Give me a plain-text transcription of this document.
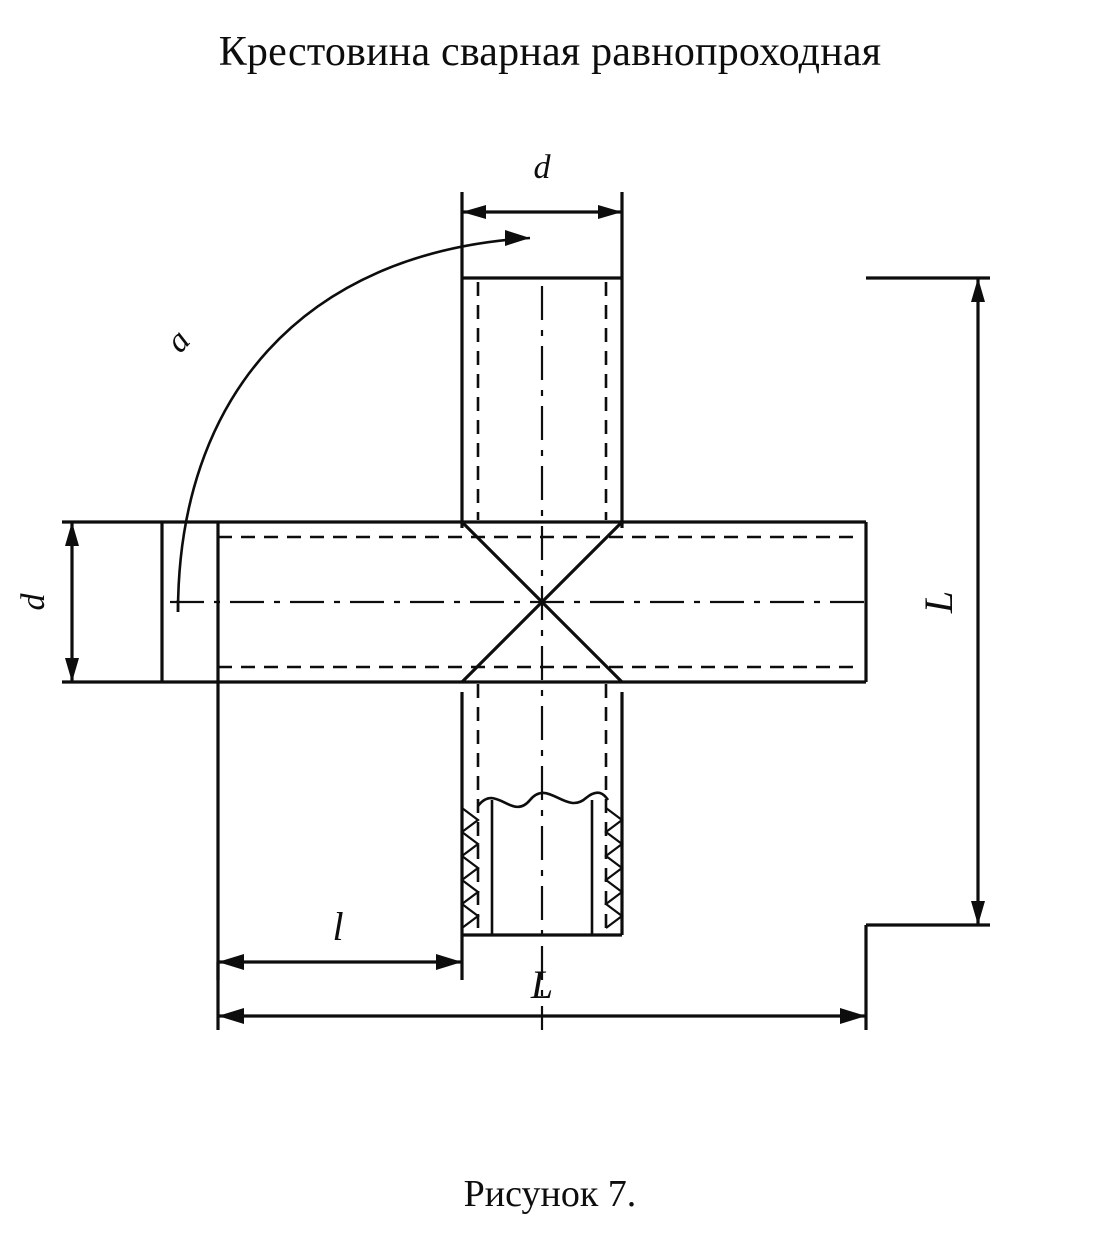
Крестовина сварная равнопроходная
d
d
a
L
l
L
Рисунок 7.
